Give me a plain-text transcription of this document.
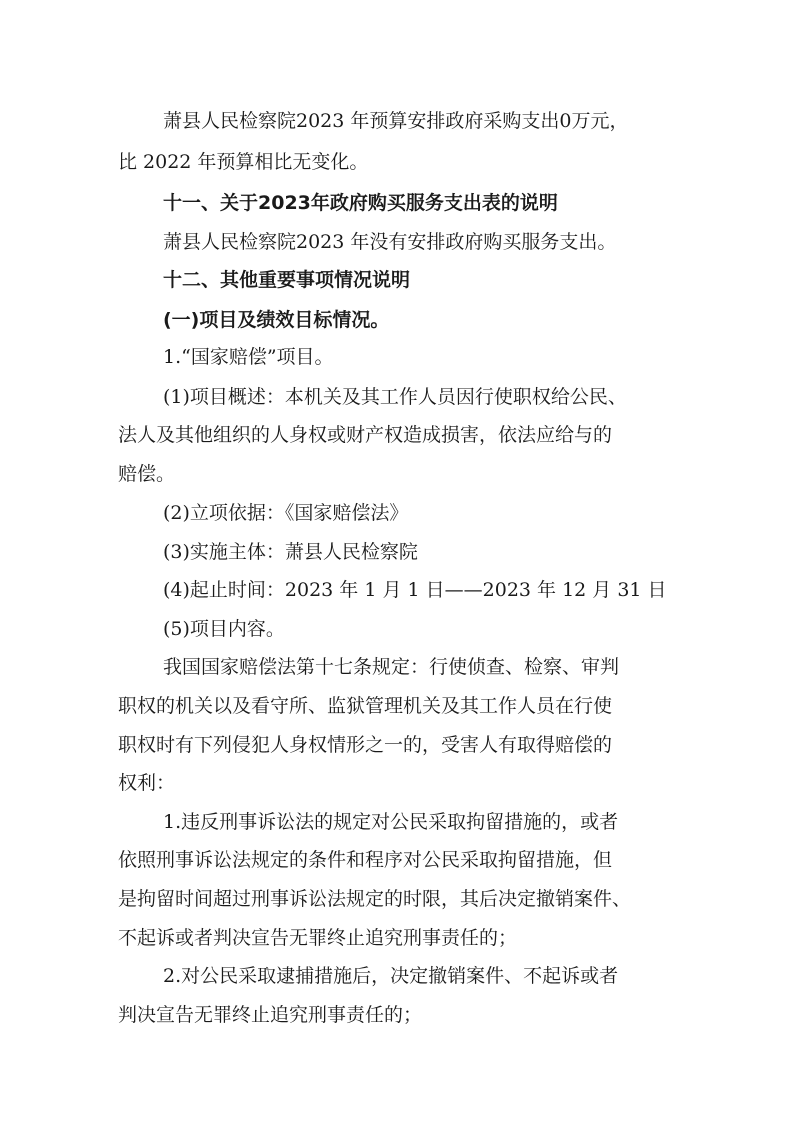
萧县人民检察院2023 年预算安排政府采购支出0万元，
比 2022 年预算相比无变化。
十一、关于2023年政府购买服务支出表的说明
萧县人民检察院2023 年没有安排政府购买服务支出。
十二、其他重要事项情况说明
(一)项目及绩效目标情况。
1.“国家赔偿”项目。
(1)项目概述：本机关及其工作人员因行使职权给公民、
法人及其他组织的人身权或财产权造成损害，依法应给与的
赔偿。
(2)立项依据：《国家赔偿法》
(3)实施主体：萧县人民检察院
(4)起止时间：2023 年 1 月 1 日——2023 年 12 月 31 日
(5)项目内容。
我国国家赔偿法第十七条规定：行使侦查、检察、审判
职权的机关以及看守所、监狱管理机关及其工作人员在行使
职权时有下列侵犯人身权情形之一的，受害人有取得赔偿的
权利：
1.违反刑事诉讼法的规定对公民采取拘留措施的，或者
依照刑事诉讼法规定的条件和程序对公民采取拘留措施，但
是拘留时间超过刑事诉讼法规定的时限，其后决定撤销案件、
不起诉或者判决宣告无罪终止追究刑事责任的；
2.对公民采取逮捕措施后，决定撤销案件、不起诉或者
判决宣告无罪终止追究刑事责任的；
